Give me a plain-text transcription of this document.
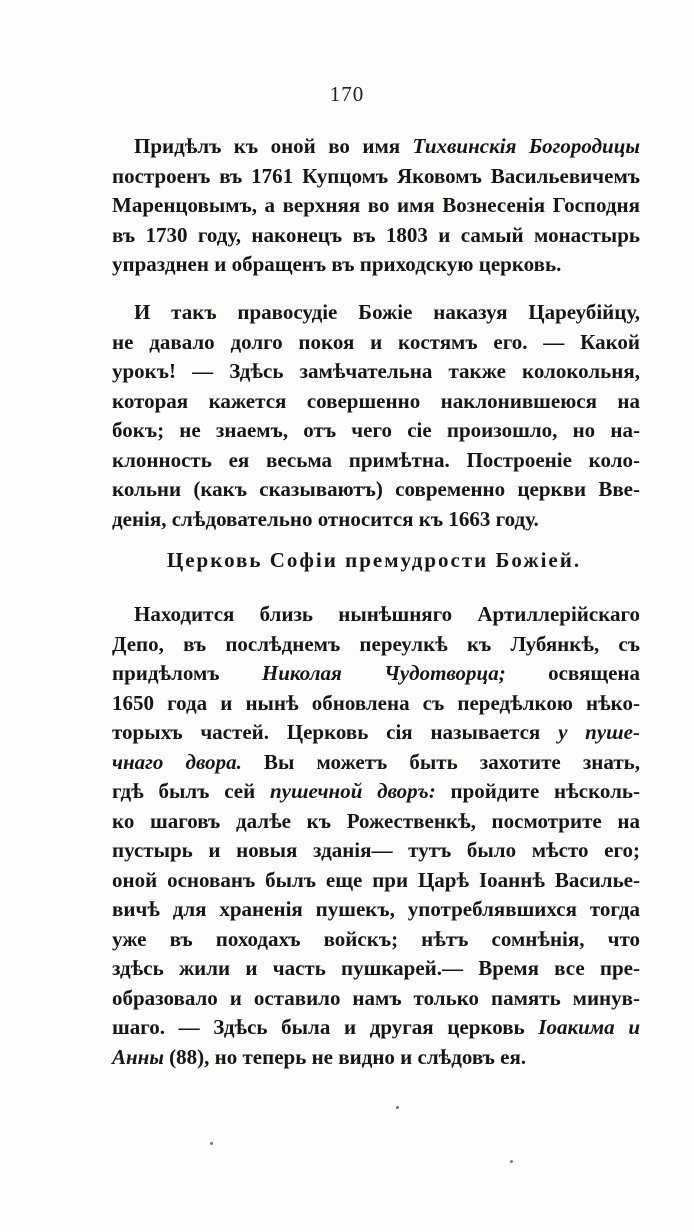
170
Придѣлъ къ оной во имя Тихвинскія Богородицы
построенъ въ 1761 Купцомъ Яковомъ Васильевичемъ
Маренцовымъ, а верхняя во имя Вознесенія Господня
въ 1730 году, наконецъ въ 1803 и самый монастырь
упразднен и обращенъ въ приходскую церковь.
И такъ правосудіе Божіе наказуя Цареубійцу,
не давало долго покоя и костямъ его. — Какой
урокъ! — Здѣсь замѣчательна также колокольня,
которая кажется совершенно наклонившеюся на
бокъ; не знаемъ, отъ чего сіе произошло, но на-
клонность ея весьма примѣтна. Построеніе коло-
кольни (какъ сказываютъ) современно церкви Вве-
денія, слѣдовательно относится къ 1663 году.
Церковь Софіи премудрости Божіей.
Находится близь нынѣшняго Артиллерійскаго
Депо, въ послѣднемъ переулкѣ къ Лубянкѣ, съ
придѣломъ Николая Чудотворца; освящена
1650 года и нынѣ обновлена съ передѣлкою нѣко-
торыхъ частей. Церковь сія называется у пуше-
чнаго двора. Вы можетъ быть захотите знать,
гдѣ былъ сей пушечной дворъ: пройдите нѣсколь-
ко шаговъ далѣе къ Рожественкѣ, посмотрите на
пустырь и новыя зданія— тутъ было мѣсто его;
оной основанъ былъ еще при Царѣ Іоаннѣ Василье-
вичѣ для храненія пушекъ, употреблявшихся тогда
уже въ походахъ войскъ; нѣтъ сомнѣнія, что
здѣсь жили и часть пушкарей.— Время все пре-
образовало и оставило намъ только память минув-
шаго. — Здѣсь была и другая церковь Іоакима и
Анны (88), но теперь не видно и слѣдовъ ея.
